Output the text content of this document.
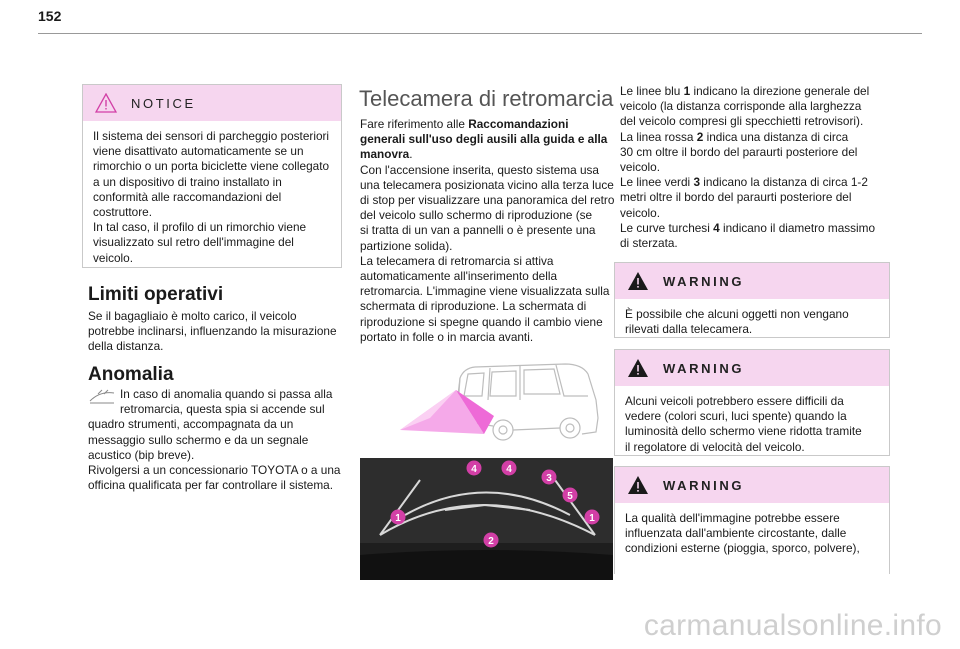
152
NOTICE
Il sistema dei sensori di parcheggio posteriori
viene disattivato automaticamente se un
rimorchio o un porta biciclette viene collegato
a un dispositivo di traino installato in
conformità alle raccomandazioni del
costruttore.
In tal caso, il profilo di un rimorchio viene
visualizzato sul retro dell'immagine del
veicolo.
Limiti operativi
Se il bagagliaio è molto carico, il veicolo
potrebbe inclinarsi, influenzando la misurazione
della distanza.
Anomalia
In caso di anomalia quando si passa alla
retromarcia, questa spia si accende sul
quadro strumenti, accompagnata da un
messaggio sullo schermo e da un segnale
acustico (bip breve).
Rivolgersi a un concessionario TOYOTA o a una
officina qualificata per far controllare il sistema.
Telecamera di retromarcia
Fare riferimento alle Raccomandazioni
generali sull'uso degli ausili alla guida e alla
manovra.
Con l'accensione inserita, questo sistema usa
una telecamera posizionata vicino alla terza luce
di stop per visualizzare una panoramica del retro
del veicolo sullo schermo di riproduzione (se
si tratta di un van a pannelli o è presente una
partizione solida).
La telecamera di retromarcia si attiva
automaticamente all'inserimento della
retromarcia. L'immagine viene visualizzata sulla
schermata di riproduzione. La schermata di
riproduzione si spegne quando il cambio viene
portato in folle o in marcia avanti.
1	1
2
3
4	4
5
Le linee blu 1 indicano la direzione generale del
veicolo (la distanza corrisponde alla larghezza
del veicolo compresi gli specchietti retrovisori).
La linea rossa 2 indica una distanza di circa
30 cm oltre il bordo del paraurti posteriore del
veicolo.
Le linee verdi 3 indicano la distanza di circa 1-2
metri oltre il bordo del paraurti posteriore del
veicolo.
Le curve turchesi 4 indicano il diametro massimo
di sterzata.
WARNING
È possibile che alcuni oggetti non vengano
rilevati dalla telecamera.
WARNING
Alcuni veicoli potrebbero essere difficili da
vedere (colori scuri, luci spente) quando la
luminosità dello schermo viene ridotta tramite
il regolatore di velocità del veicolo.
WARNING
La qualità dell'immagine potrebbe essere
influenzata dall'ambiente circostante, dalle
condizioni esterne (pioggia, sporco, polvere),
carmanualsonline.info
